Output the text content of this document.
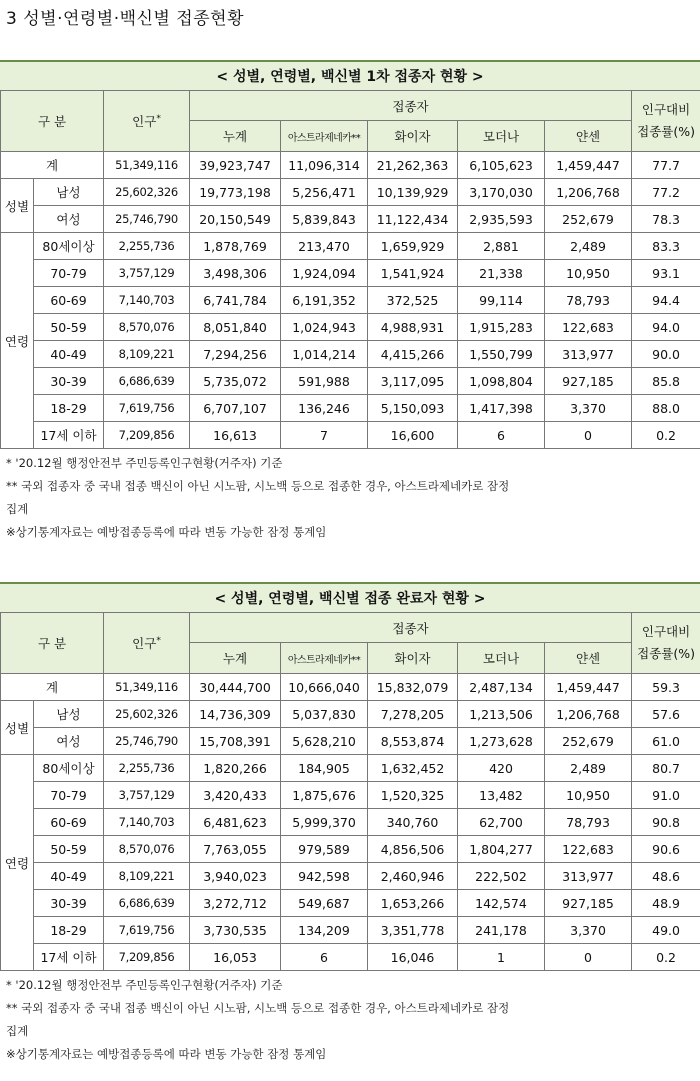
3 성별·연령별·백신별 접종현황
< 성별, 연령별, 백신별 1차 접종자 현황 >
구 분		인구*	접종자					인구대비
접종률(%)
			누계	아스트라제네카**	화이자	모더나	얀센	
계		51,349,116	39,923,747	11,096,314	21,262,363	6,105,623	1,459,447	77.7
성별	남성	25,602,326	19,773,198	5,256,471	10,139,929	3,170,030	1,206,768	77.2
	여성	25,746,790	20,150,549	5,839,843	11,122,434	2,935,593	252,679	78.3
연령	80세이상	2,255,736	1,878,769	213,470	1,659,929	2,881	2,489	83.3
	70-79	3,757,129	3,498,306	1,924,094	1,541,924	21,338	10,950	93.1
	60-69	7,140,703	6,741,784	6,191,352	372,525	99,114	78,793	94.4
	50-59	8,570,076	8,051,840	1,024,943	4,988,931	1,915,283	122,683	94.0
	40-49	8,109,221	7,294,256	1,014,214	4,415,266	1,550,799	313,977	90.0
	30-39	6,686,639	5,735,072	591,988	3,117,095	1,098,804	927,185	85.8
	18-29	7,619,756	6,707,107	136,246	5,150,093	1,417,398	3,370	88.0
	17세 이하	7,209,856	16,613	7	16,600	6	0	0.2
* '20.12월 행정안전부 주민등록인구현황(거주자) 기준
** 국외 접종자 중 국내 접종 백신이 아닌 시노팜, 시노백 등으로 접종한 경우, 아스트라제네카로 잠정
집계
※상기통계자료는 예방접종등록에 따라 변동 가능한 잠정 통계임
< 성별, 연령별, 백신별 접종 완료자 현황 >
구 분		인구*	접종자					인구대비
접종률(%)
			누계	아스트라제네카**	화이자	모더나	얀센	
계		51,349,116	30,444,700	10,666,040	15,832,079	2,487,134	1,459,447	59.3
성별	남성	25,602,326	14,736,309	5,037,830	7,278,205	1,213,506	1,206,768	57.6
	여성	25,746,790	15,708,391	5,628,210	8,553,874	1,273,628	252,679	61.0
연령	80세이상	2,255,736	1,820,266	184,905	1,632,452	420	2,489	80.7
	70-79	3,757,129	3,420,433	1,875,676	1,520,325	13,482	10,950	91.0
	60-69	7,140,703	6,481,623	5,999,370	340,760	62,700	78,793	90.8
	50-59	8,570,076	7,763,055	979,589	4,856,506	1,804,277	122,683	90.6
	40-49	8,109,221	3,940,023	942,598	2,460,946	222,502	313,977	48.6
	30-39	6,686,639	3,272,712	549,687	1,653,266	142,574	927,185	48.9
	18-29	7,619,756	3,730,535	134,209	3,351,778	241,178	3,370	49.0
	17세 이하	7,209,856	16,053	6	16,046	1	0	0.2
* '20.12월 행정안전부 주민등록인구현황(거주자) 기준
** 국외 접종자 중 국내 접종 백신이 아닌 시노팜, 시노백 등으로 접종한 경우, 아스트라제네카로 잠정
집계
※상기통계자료는 예방접종등록에 따라 변동 가능한 잠정 통계임
